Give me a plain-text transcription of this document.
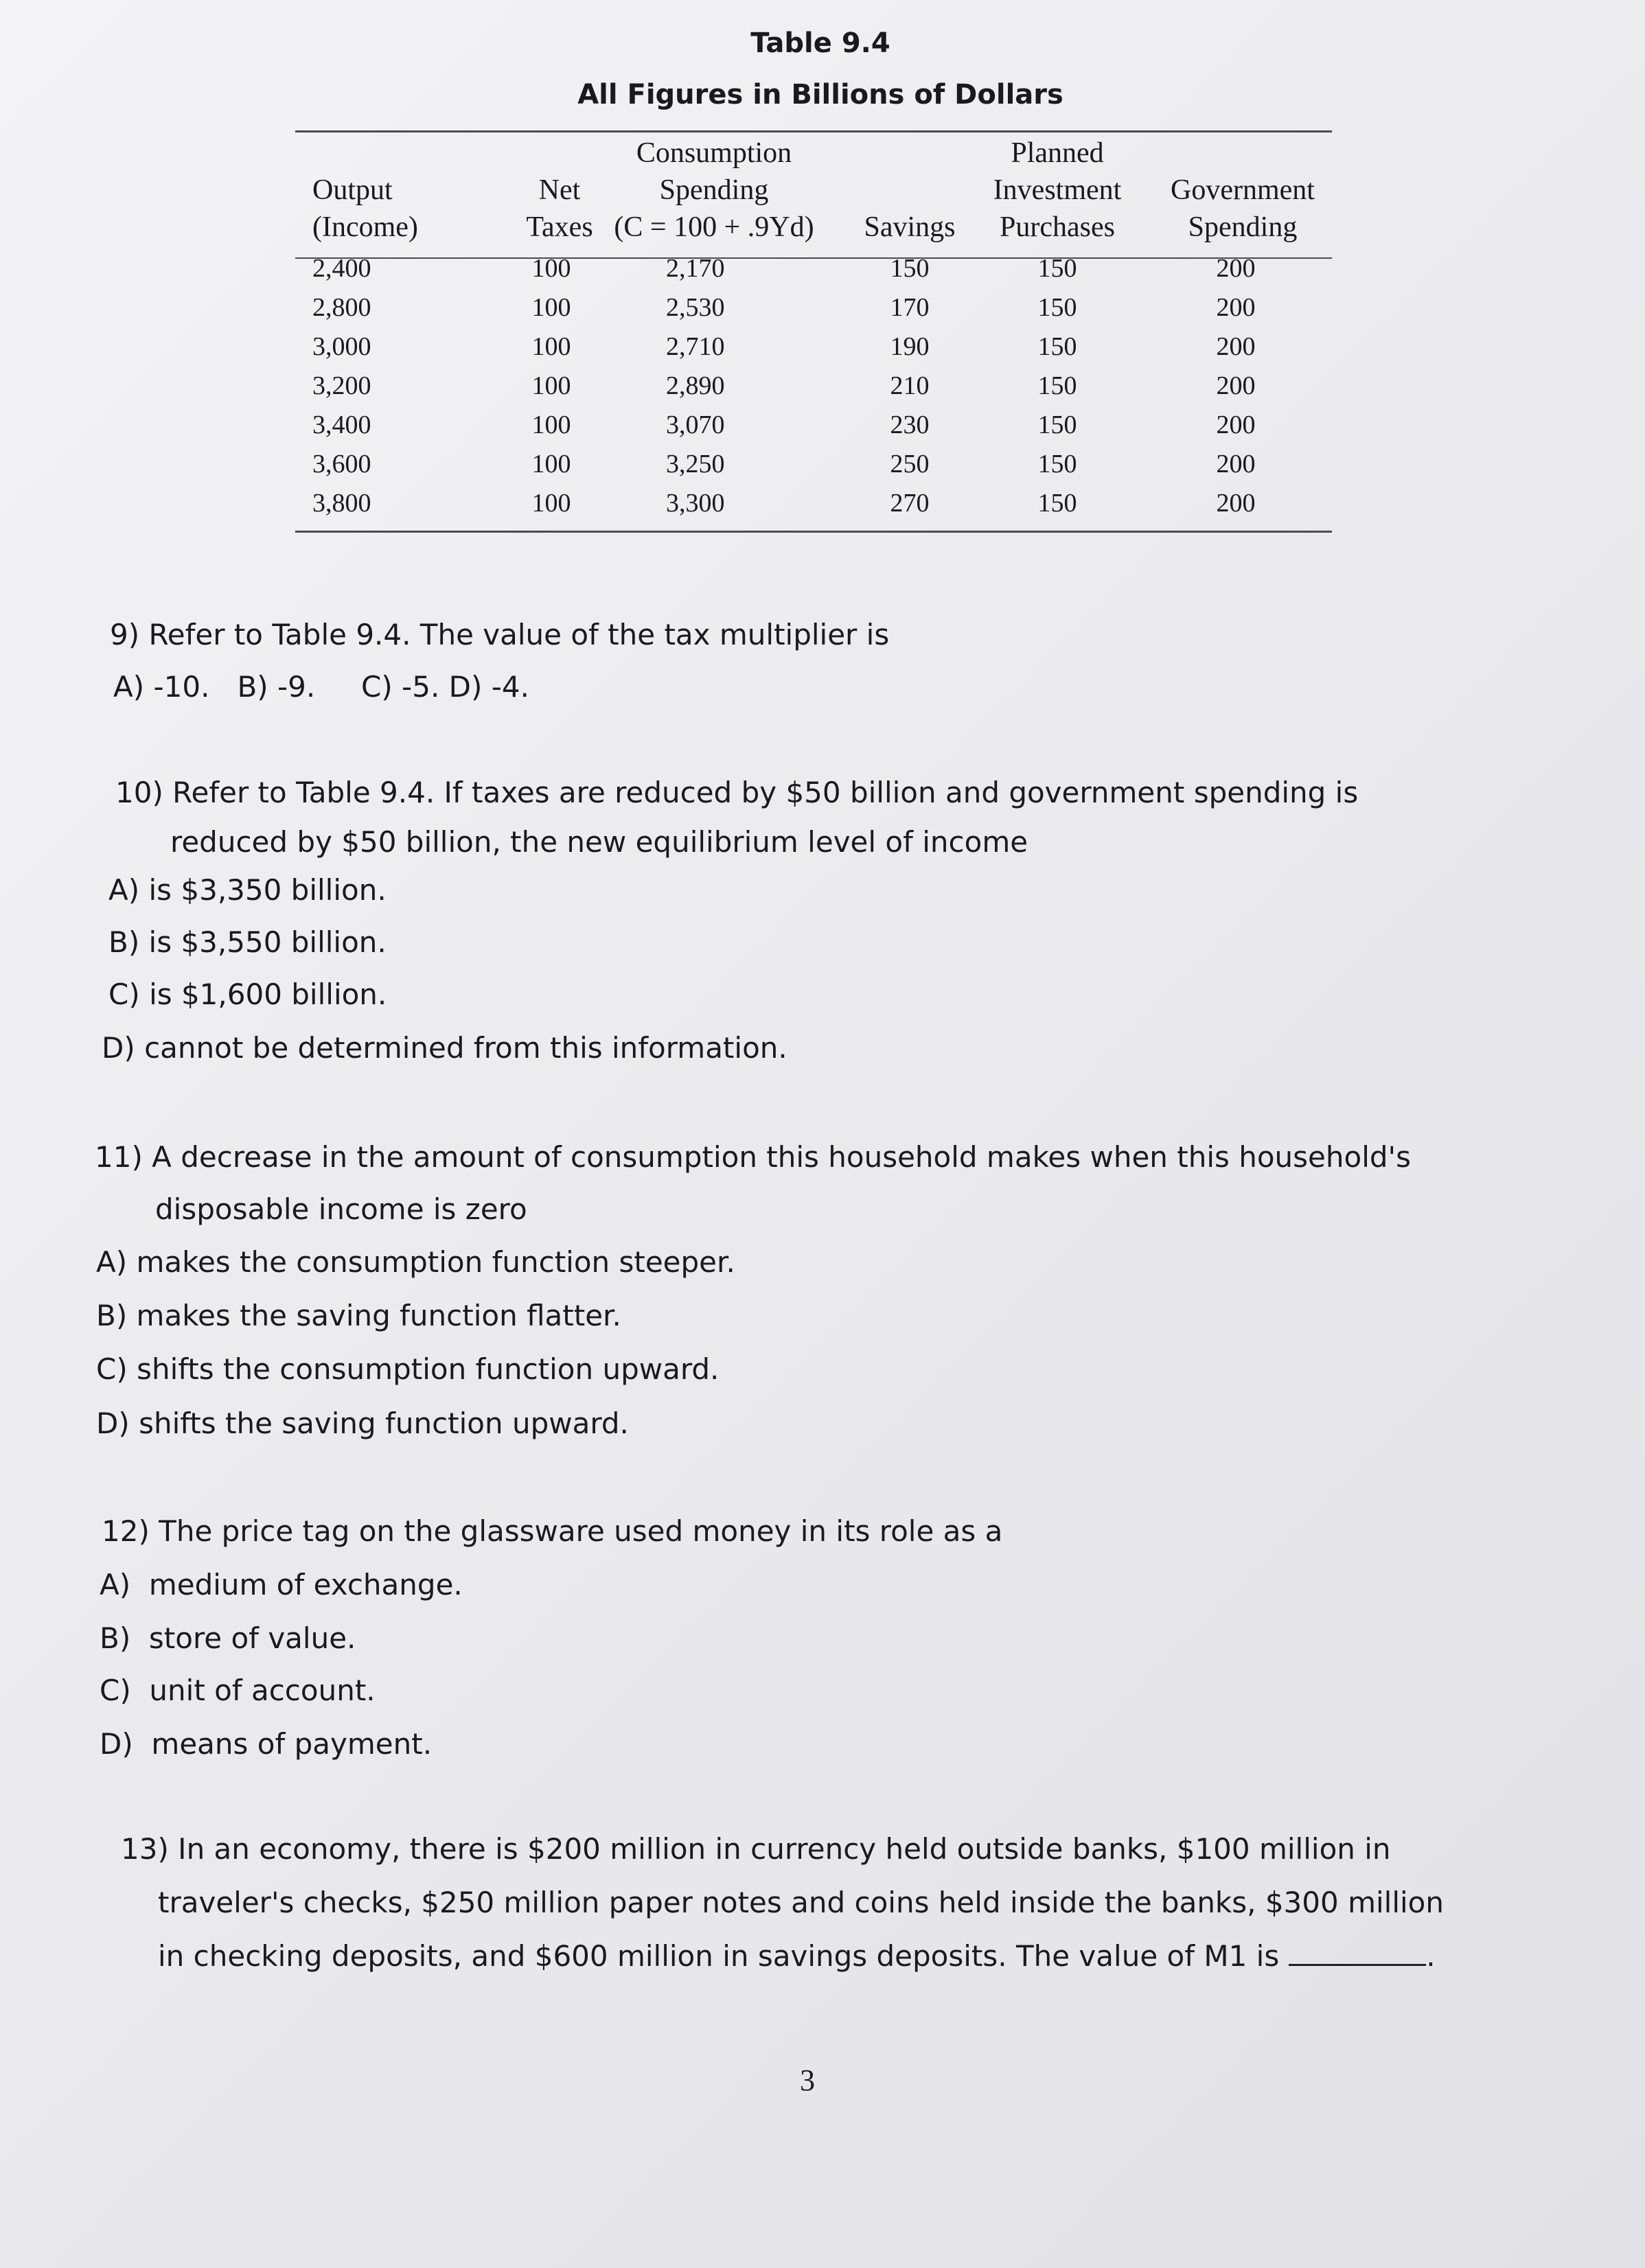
Table 9.4
All Figures in Billions of Dollars
Output
(Income)
Net
Taxes
Consumption
Spending
(C = 100 + .9Yd)	Savings
Planned
Investment
Purchases
Government
Spending
2,400
2,800
3,000
3,200
3,400
3,600
3,800
100
100
100
100
100
100
100
2,170
2,530
2,710
2,890
3,070
3,250
3,300
150
170
190
210
230
250
270
150
150
150
150
150
150
150
200
200
200
200
200
200
200
9) Refer to Table 9.4. The value of the tax multiplier is
A) -10.   B) -9.     C) -5. D) -4.
10) Refer to Table 9.4. If taxes are reduced by $50 billion and government spending is
reduced by $50 billion, the new equilibrium level of income
A) is $3,350 billion.
B) is $3,550 billion.
C) is $1,600 billion.
D) cannot be determined from this information.
11) A decrease in the amount of consumption this household makes when this household's
disposable income is zero
A) makes the consumption function steeper.
B) makes the saving function flatter.
C) shifts the consumption function upward.
D) shifts the saving function upward.
12) The price tag on the glassware used money in its role as a
A)  medium of exchange.
B)  store of value.
C)  unit of account.
D)  means of payment.
13) In an economy, there is $200 million in currency held outside banks, $100 million in
traveler's checks, $250 million paper notes and coins held inside the banks, $300 million
in checking deposits, and $600 million in savings deposits. The value of M1 is	.
3
